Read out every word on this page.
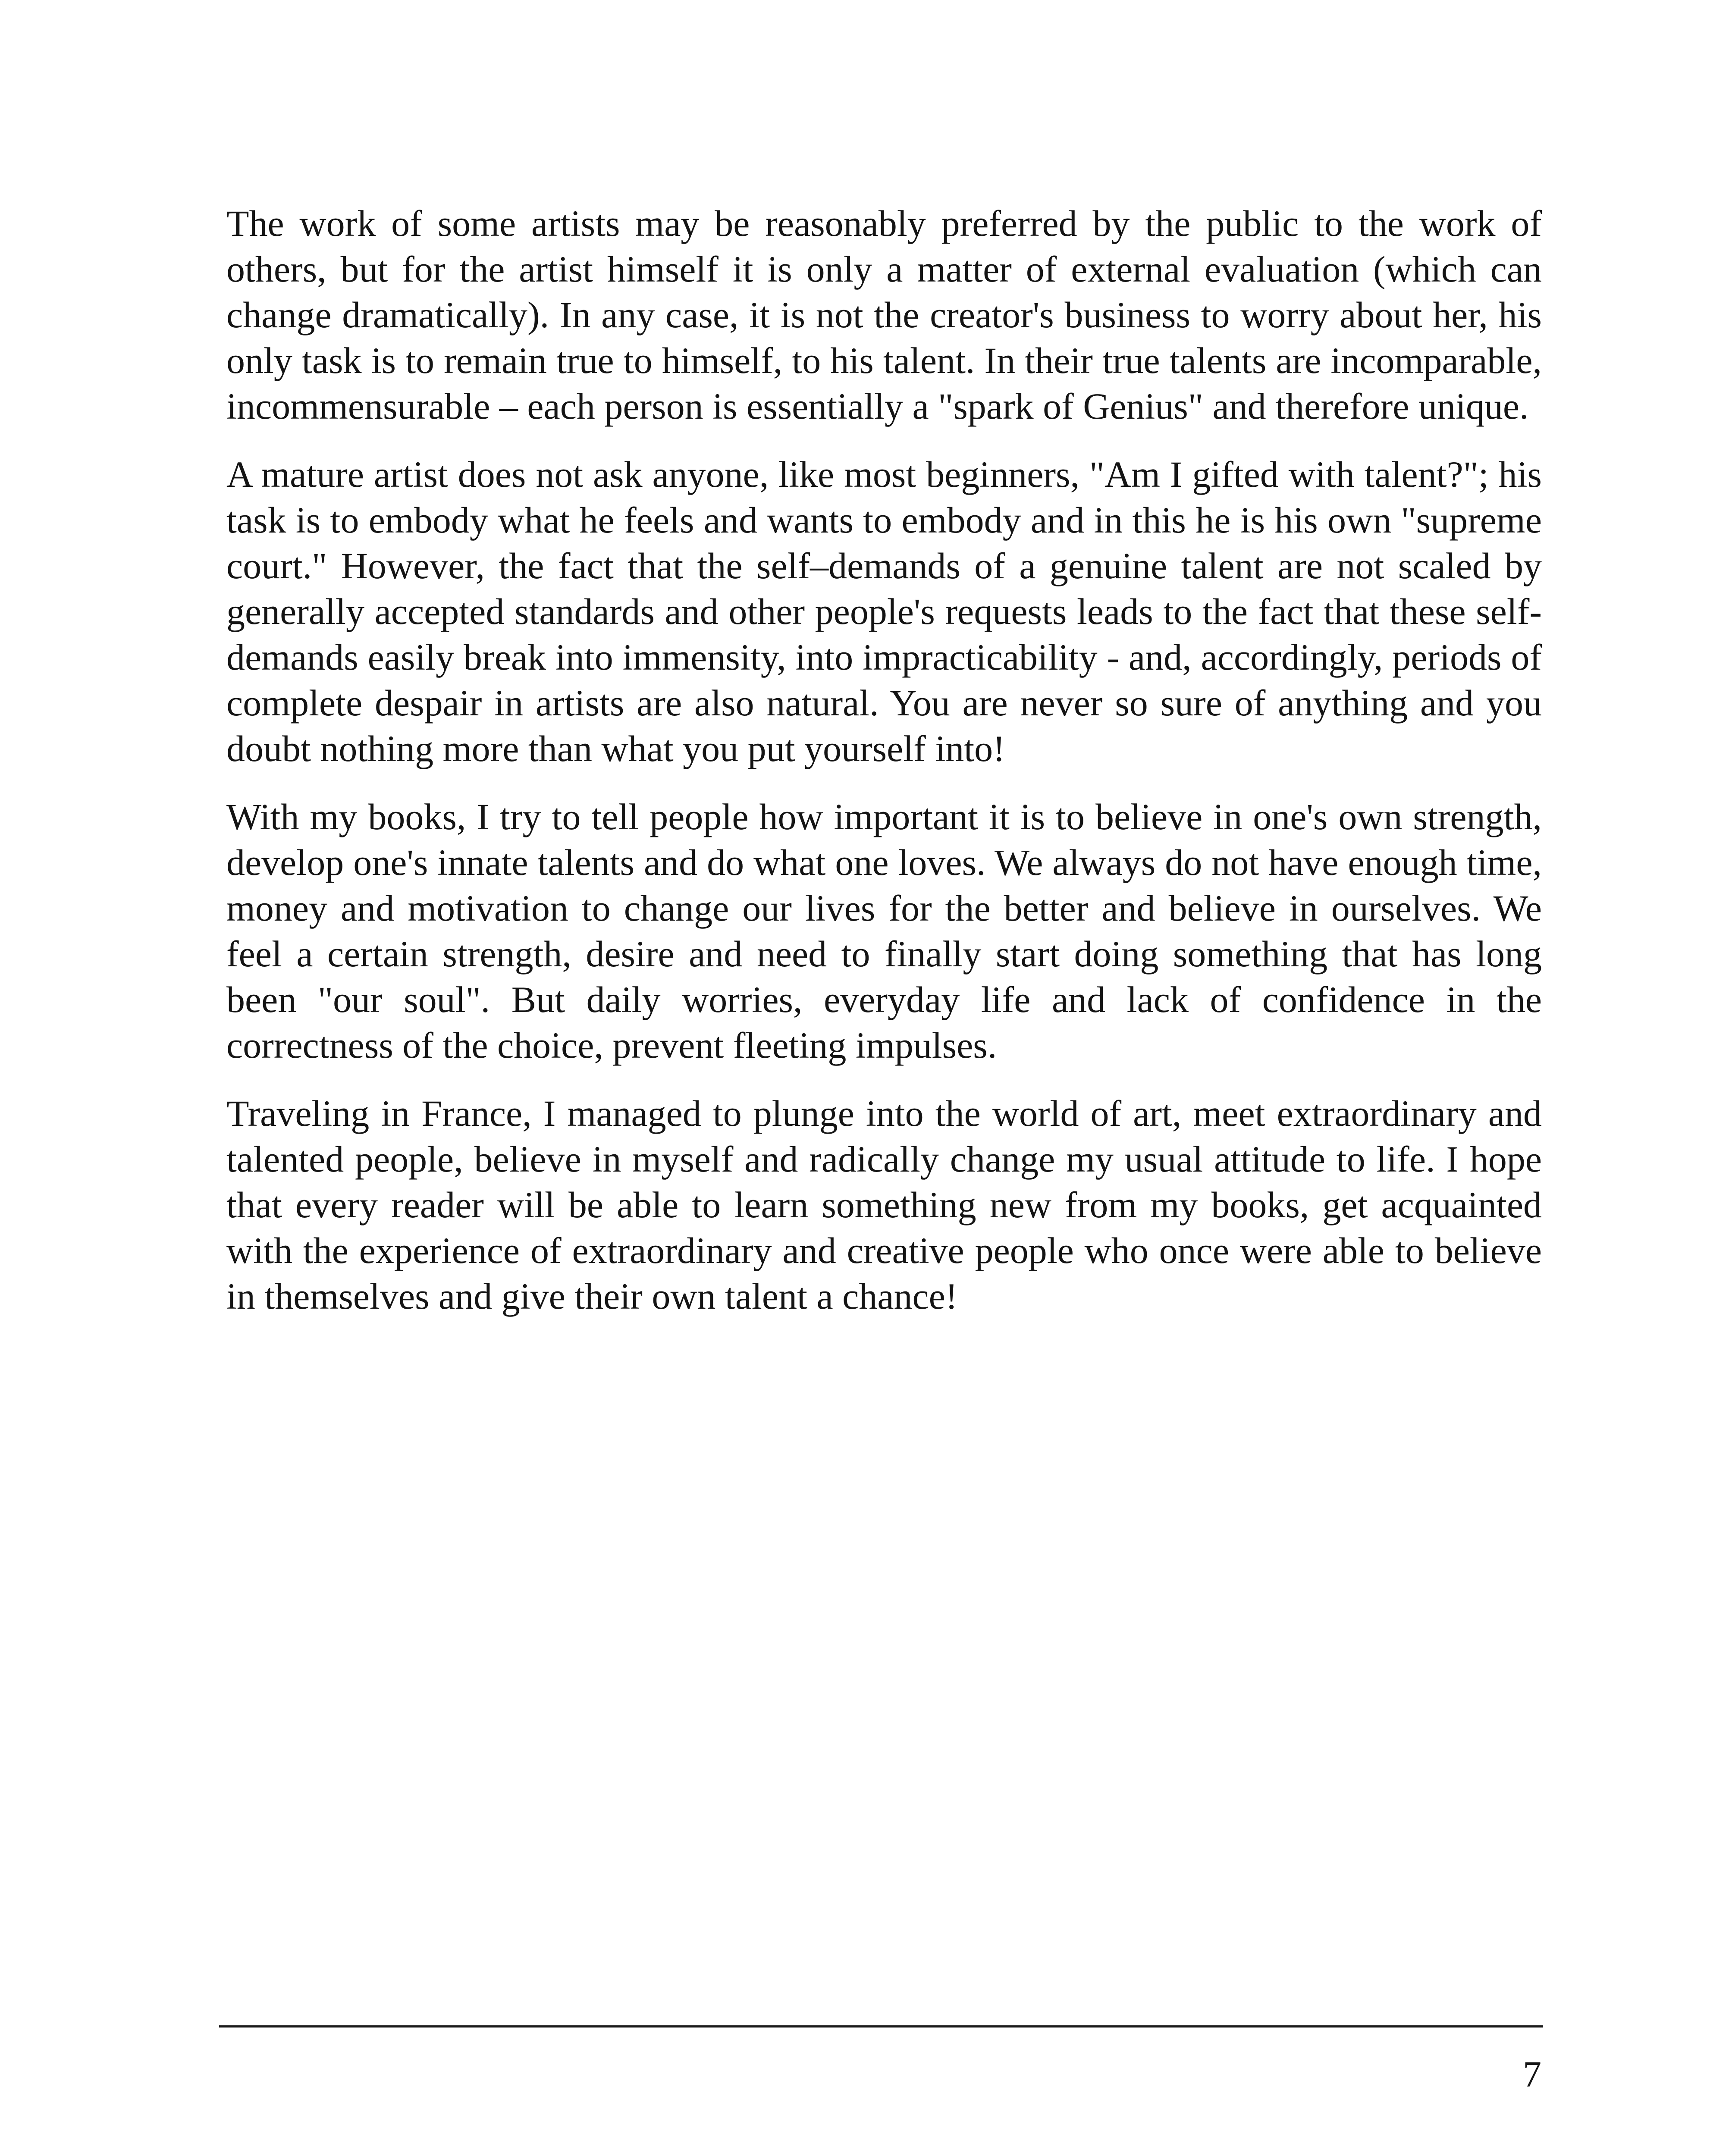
The work of some artists may be reasonably preferred by the public to the work of others, but for the artist himself it is only a matter of external evaluation (which can change dramatically). In any case, it is not the creator's business to worry about her, his only task is to remain true to himself, to his talent. In their true talents are incomparable, incommensurable – each person is essentially a "spark of Genius" and therefore unique.

A mature artist does not ask anyone, like most beginners, "Am I gifted with talent?"; his task is to embody what he feels and wants to embody and in this he is his own "supreme court." However, the fact that the self–demands of a genuine talent are not scaled by generally accepted standards and other people's requests leads to the fact that these self-demands easily break into immensity, into impracticability - and, accordingly, periods of complete despair in artists are also natural. You are never so sure of anything and you doubt nothing more than what you put yourself into!

With my books, I try to tell people how important it is to believe in one's own strength, develop one's innate talents and do what one loves. We always do not have enough time, money and motivation to change our lives for the better and believe in ourselves. We feel a certain strength, desire and need to finally start doing something that has long been "our soul". But daily worries, everyday life and lack of confidence in the correctness of the choice, prevent fleeting impulses.

Traveling in France, I managed to plunge into the world of art, meet extraordinary and talented people, believe in myself and radically change my usual attitude to life. I hope that every reader will be able to learn something new from my books, get acquainted with the experience of extraordinary and creative people who once were able to believe in themselves and give their own talent a chance!

7
